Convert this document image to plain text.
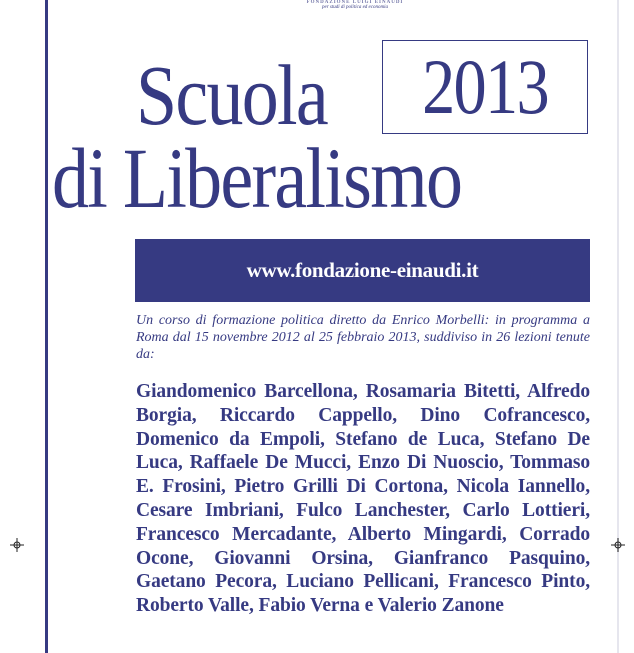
FONDAZIONE LUIGI EINAUDI
per studi di politica ed economia
2013
Scuola
di Liberalismo
www.fondazione-einaudi.it

Un corso di formazione politica diretto da Enrico Morbelli: in programma a Roma dal 15 novembre 2012 al 25 febbraio 2013, suddiviso in 26 lezioni tenute da:

Giandomenico Barcellona, Rosamaria Bitetti, Alfredo Borgia, Riccardo Cappello, Dino Cofrancesco, Domenico da Empoli, Stefano de Luca, Stefano De Luca, Raffaele De Mucci, Enzo Di Nuoscio, Tommaso E. Frosini, Pietro Grilli Di Cortona, Nicola Iannello, Cesare Imbriani, Fulco Lanchester, Carlo Lottieri, Francesco Mercadante, Alberto Mingardi, Corrado Ocone, Giovanni Orsina, Gianfranco Pasquino, Gaetano Pecora, Luciano Pellicani, Francesco Pinto, Roberto Valle, Fabio Verna e Valerio Zanone
